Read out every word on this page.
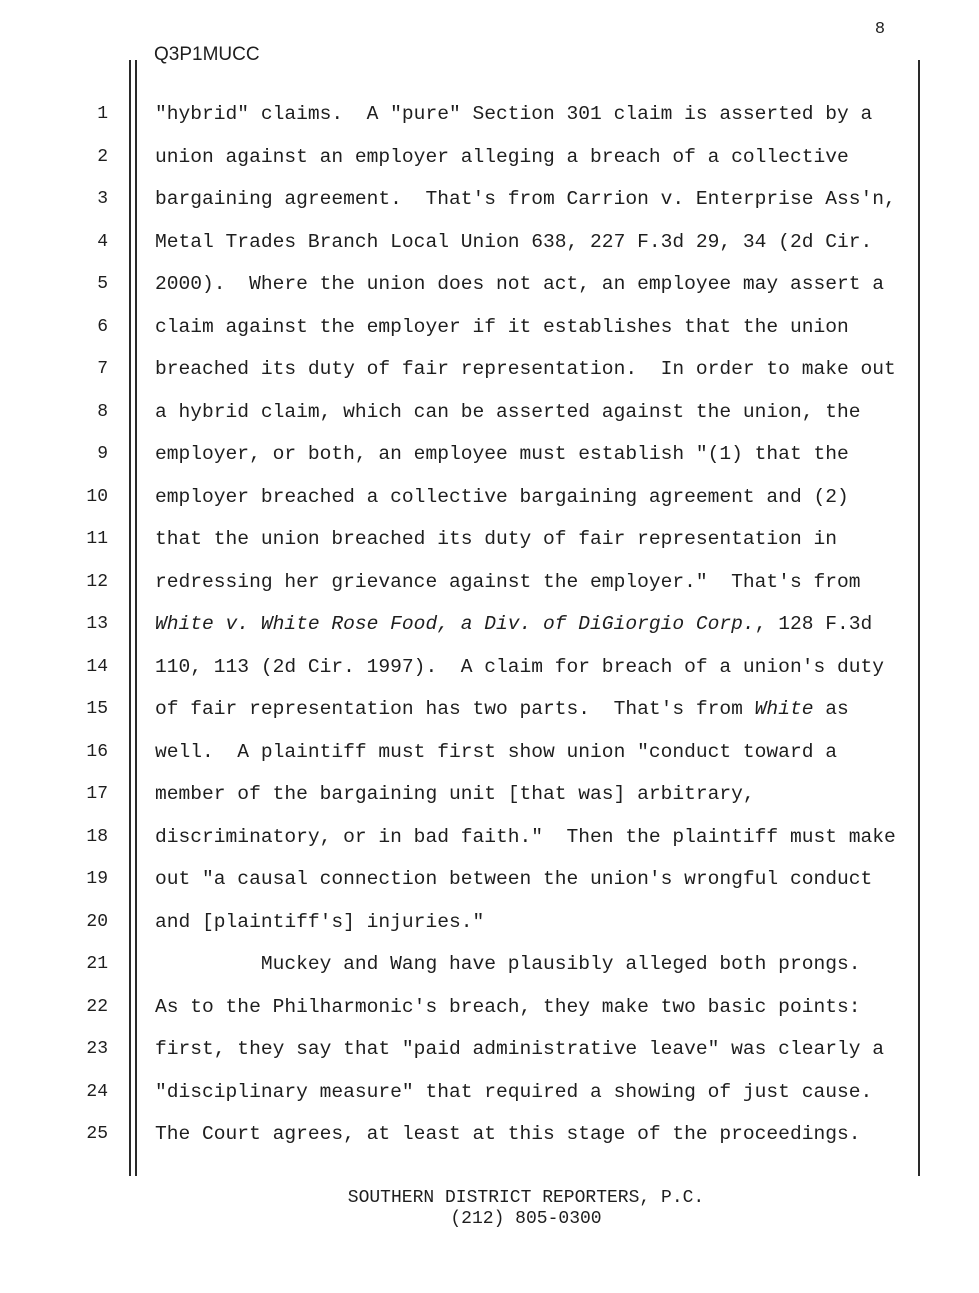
8
Q3P1MUCC
1
2
3
4
5
6
7
8
9
10
11
12
13
14
15
16
17
18
19
20
21
22
23
24
25
"hybrid" claims.  A "pure" Section 301 claim is asserted by a
union against an employer alleging a breach of a collective
bargaining agreement.  That's from Carrion v. Enterprise Ass'n,
Metal Trades Branch Local Union 638, 227 F.3d 29, 34 (2d Cir.
2000).  Where the union does not act, an employee may assert a
claim against the employer if it establishes that the union
breached its duty of fair representation.  In order to make out
a hybrid claim, which can be asserted against the union, the
employer, or both, an employee must establish "(1) that the
employer breached a collective bargaining agreement and (2)
that the union breached its duty of fair representation in
redressing her grievance against the employer."  That's from
White v. White Rose Food, a Div. of DiGiorgio Corp., 128 F.3d
110, 113 (2d Cir. 1997).  A claim for breach of a union's duty
of fair representation has two parts.  That's from White as
well.  A plaintiff must first show union "conduct toward a
member of the bargaining unit [that was] arbitrary,
discriminatory, or in bad faith."  Then the plaintiff must make
out "a causal connection between the union's wrongful conduct
and [plaintiff's] injuries."
Muckey and Wang have plausibly alleged both prongs.
As to the Philharmonic's breach, they make two basic points:
first, they say that "paid administrative leave" was clearly a
"disciplinary measure" that required a showing of just cause.
The Court agrees, at least at this stage of the proceedings.
SOUTHERN DISTRICT REPORTERS, P.C.
(212) 805-0300
